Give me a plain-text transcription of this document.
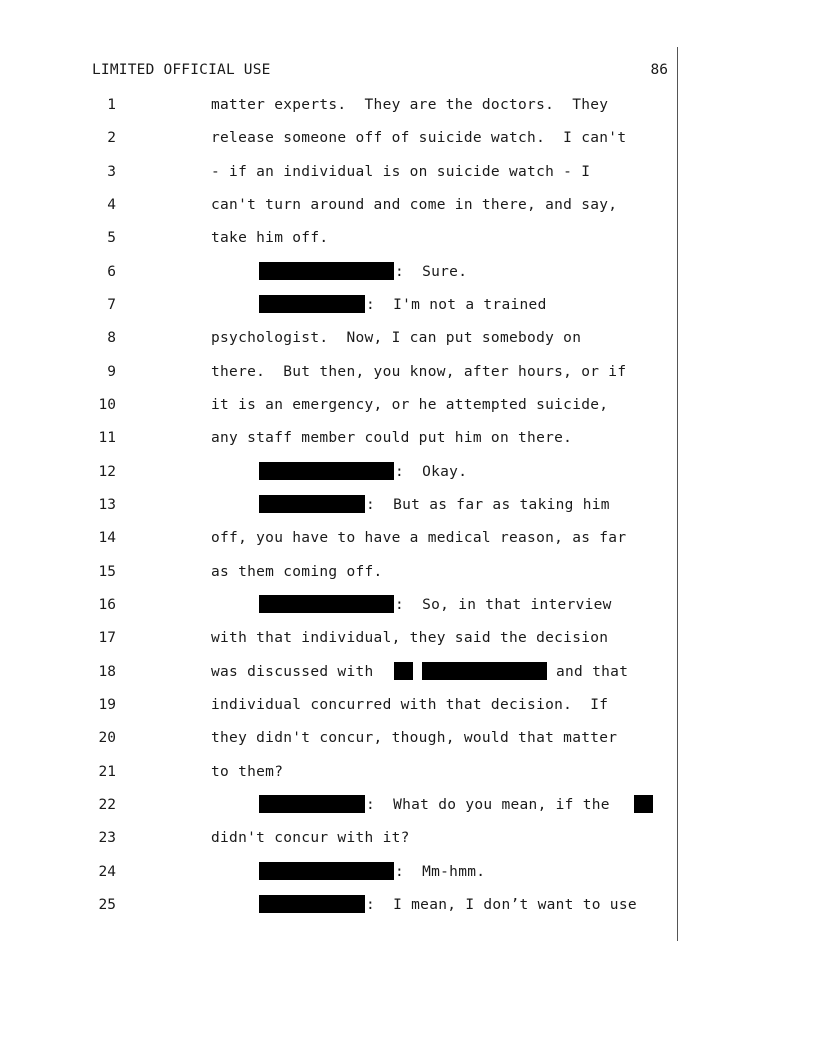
LIMITED OFFICIAL USE	86
1	matter experts.  They are the doctors.  They
2	release someone off of suicide watch.  I can't
3	- if an individual is on suicide watch - I
4	can't turn around and come in there, and say,
5	take him off.
6	:  Sure.
7	:  I'm not a trained
8	psychologist.  Now, I can put somebody on
9	there.  But then, you know, after hours, or if
10	it is an emergency, or he attempted suicide,
11	any staff member could put him on there.
12	:  Okay.
13	:  But as far as taking him
14	off, you have to have a medical reason, as far
15	as them coming off.
16	:  So, in that interview
17	with that individual, they said the decision
18	was discussed with	and that
19	individual concurred with that decision.  If
20	they didn't concur, though, would that matter
21	to them?
22	:  What do you mean, if the
23	didn't concur with it?
24	:  Mm-hmm.
25	:  I mean, I don’t want to use
